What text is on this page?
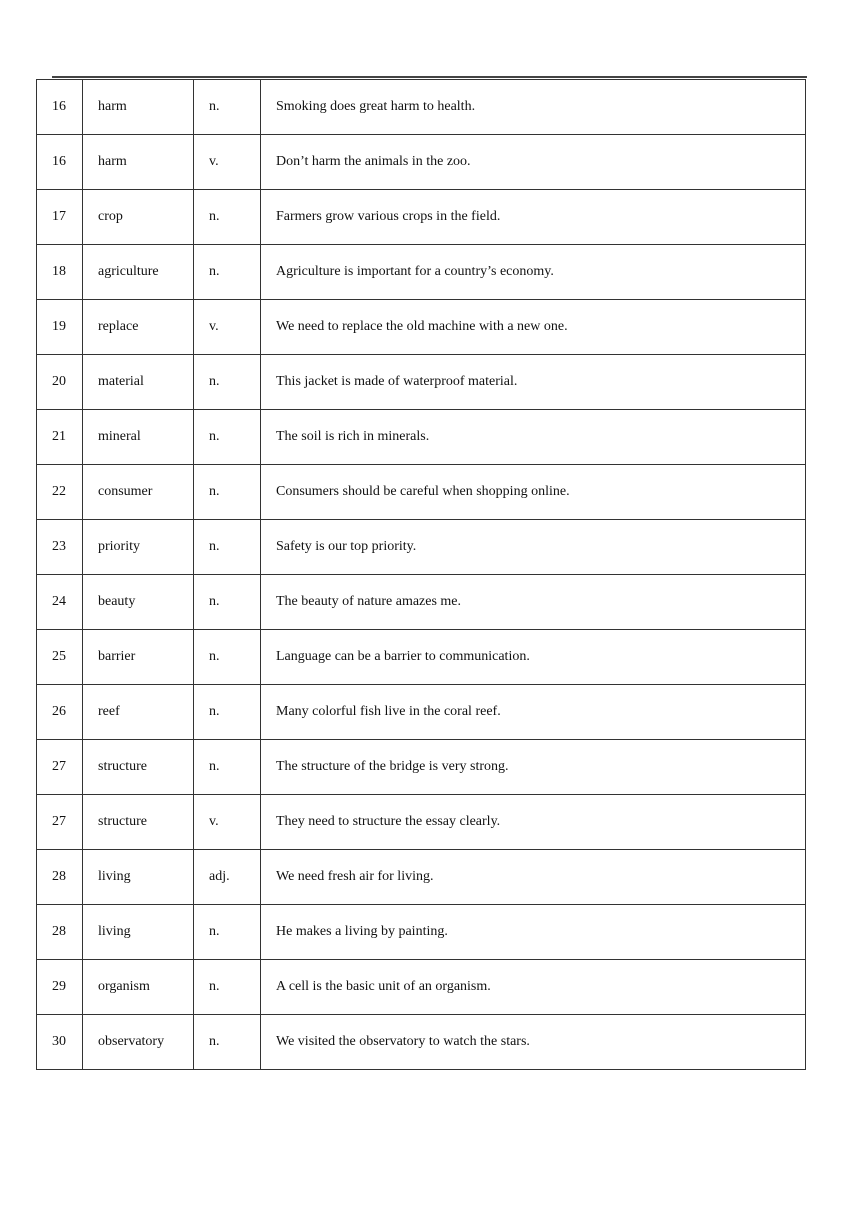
16	harm	n.	Smoking does great harm to health.
16	harm	v.	Don’t harm the animals in the zoo.
17	crop	n.	Farmers grow various crops in the field.
18	agriculture	n.	Agriculture is important for a country’s economy.
19	replace	v.	We need to replace the old machine with a new one.
20	material	n.	This jacket is made of waterproof material.
21	mineral	n.	The soil is rich in minerals.
22	consumer	n.	Consumers should be careful when shopping online.
23	priority	n.	Safety is our top priority.
24	beauty	n.	The beauty of nature amazes me.
25	barrier	n.	Language can be a barrier to communication.
26	reef	n.	Many colorful fish live in the coral reef.
27	structure	n.	The structure of the bridge is very strong.
27	structure	v.	They need to structure the essay clearly.
28	living	adj.	We need fresh air for living.
28	living	n.	He makes a living by painting.
29	organism	n.	A cell is the basic unit of an organism.
30	observatory	n.	We visited the observatory to watch the stars.
